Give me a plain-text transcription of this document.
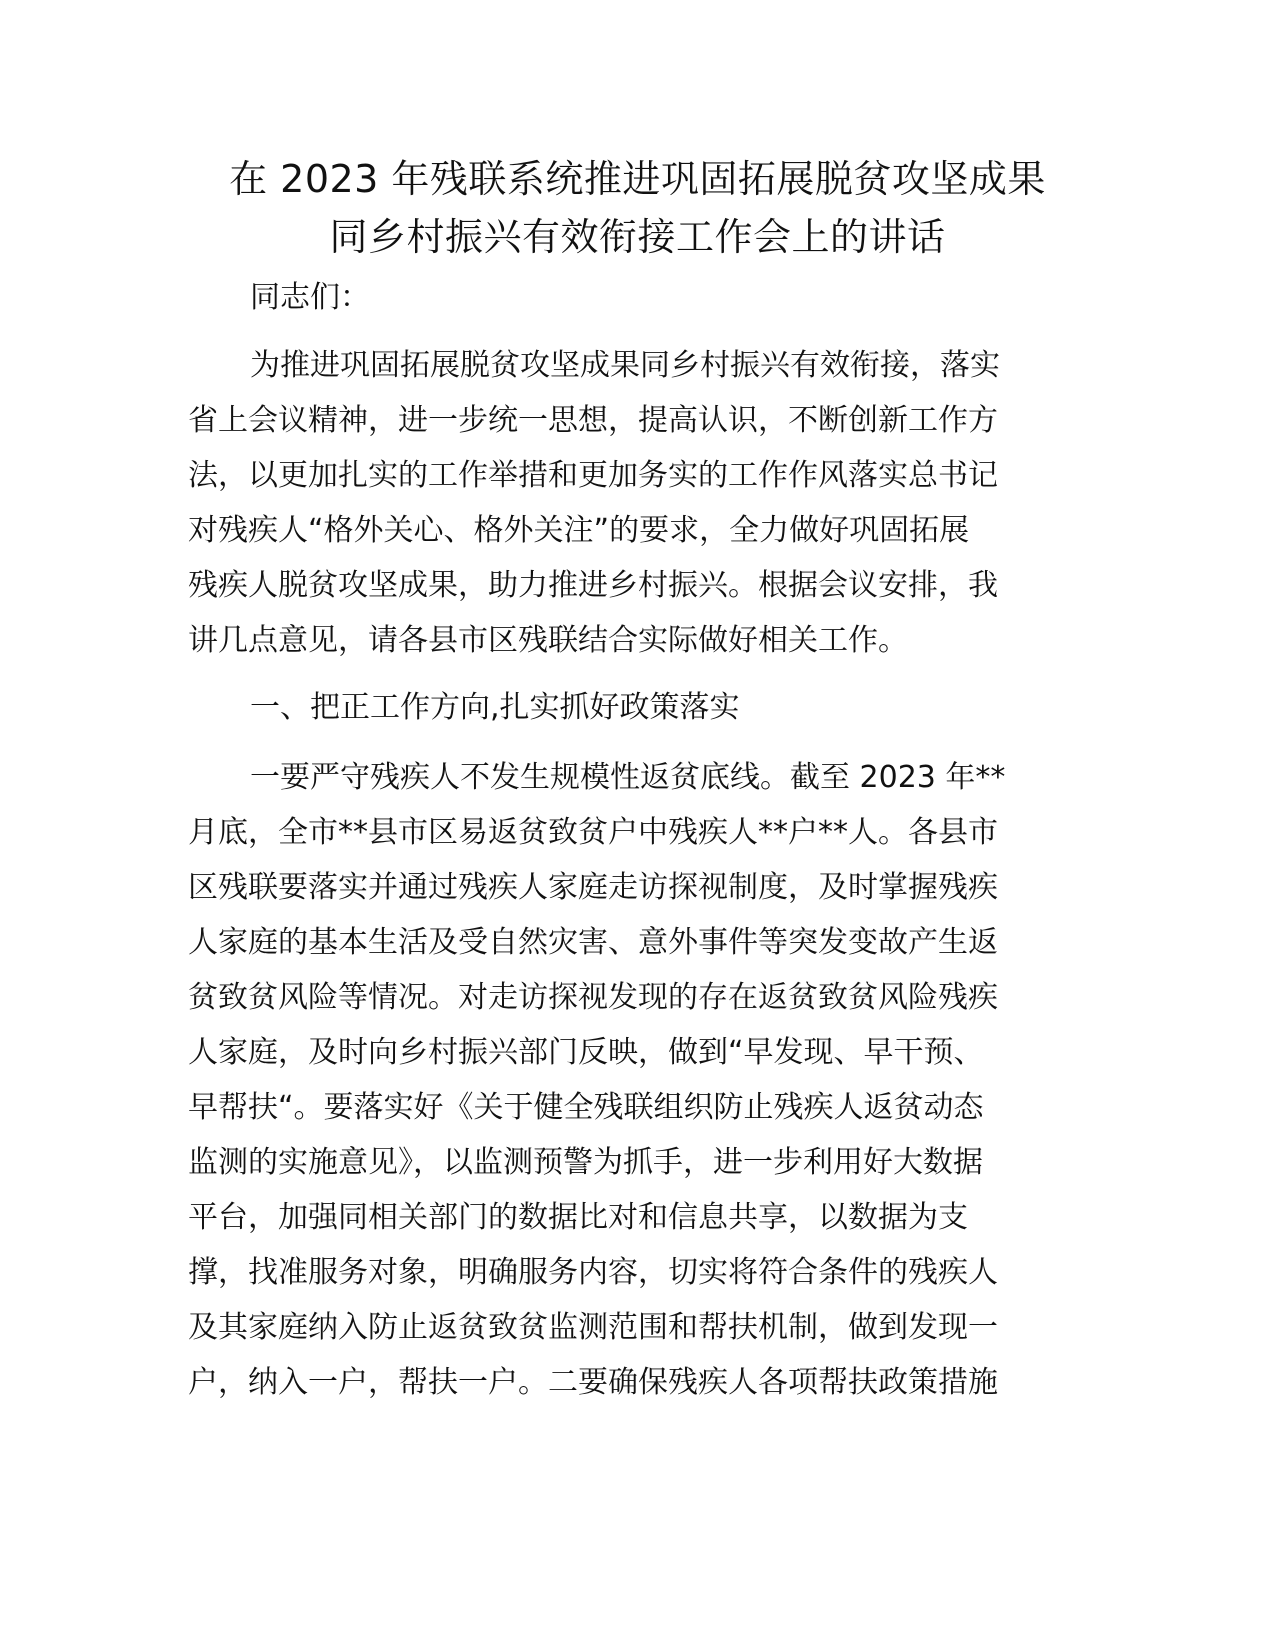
在 2023 年残联系统推进巩固拓展脱贫攻坚成果
同乡村振兴有效衔接工作会上的讲话

同志们：

为推进巩固拓展脱贫攻坚成果同乡村振兴有效衔接，落实

省上会议精神，进一步统一思想，提高认识，不断创新工作方

法，以更加扎实的工作举措和更加务实的工作作风落实总书记

对残疾人“格外关心、格外关注”的要求，全力做好巩固拓展

残疾人脱贫攻坚成果，助力推进乡村振兴。根据会议安排，我

讲几点意见，请各县市区残联结合实际做好相关工作。

一、把正工作方向,扎实抓好政策落实

一要严守残疾人不发生规模性返贫底线。截至 2023 年**

月底，全市**县市区易返贫致贫户中残疾人**户**人。各县市

区残联要落实并通过残疾人家庭走访探视制度，及时掌握残疾

人家庭的基本生活及受自然灾害、意外事件等突发变故产生返

贫致贫风险等情况。对走访探视发现的存在返贫致贫风险残疾

人家庭，及时向乡村振兴部门反映，做到“早发现、早干预、

早帮扶“。要落实好《关于健全残联组织防止残疾人返贫动态

监测的实施意见》，以监测预警为抓手，进一步利用好大数据

平台，加强同相关部门的数据比对和信息共享，以数据为支

撑，找准服务对象，明确服务内容，切实将符合条件的残疾人

及其家庭纳入防止返贫致贫监测范围和帮扶机制，做到发现一

户，纳入一户，帮扶一户。二要确保残疾人各项帮扶政策措施
